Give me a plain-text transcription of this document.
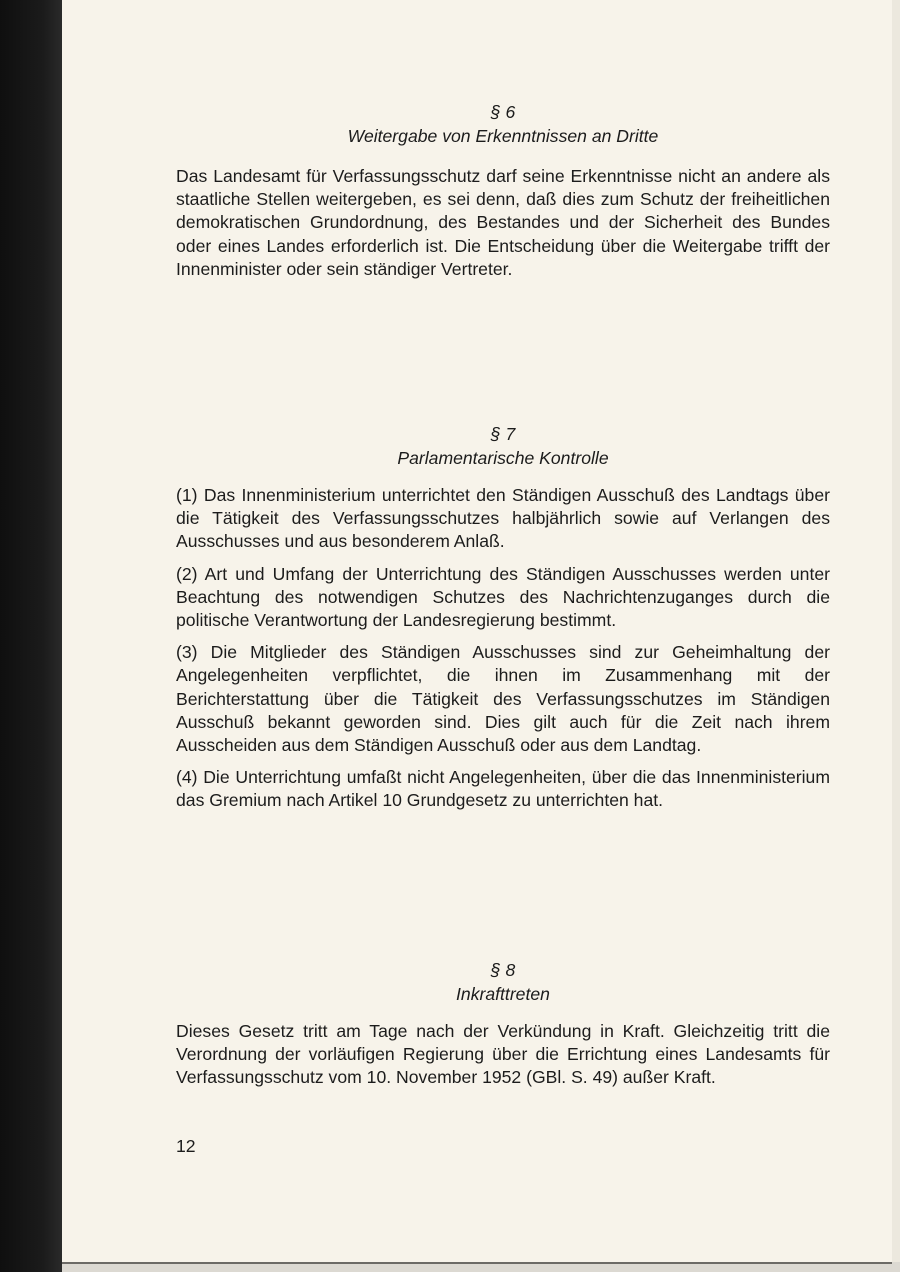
§ 6
Weitergabe von Erkenntnissen an Dritte

Das Landesamt für Verfassungsschutz darf seine Erkenntnisse nicht an andere als staatliche Stellen weitergeben, es sei denn, daß dies zum Schutz der freiheitlichen demokratischen Grundordnung, des Bestandes und der Sicherheit des Bundes oder eines Landes erforderlich ist. Die Entscheidung über die Weitergabe trifft der Innenminister oder sein ständiger Vertreter.

§ 7
Parlamentarische Kontrolle

(1) Das Innenministerium unterrichtet den Ständigen Ausschuß des Landtags über die Tätigkeit des Verfassungsschutzes halbjährlich sowie auf Verlangen des Ausschusses und aus besonderem Anlaß.

(2) Art und Umfang der Unterrichtung des Ständigen Ausschusses werden unter Beachtung des notwendigen Schutzes des Nachrichtenzuganges durch die politische Verantwortung der Landesregierung bestimmt.

(3) Die Mitglieder des Ständigen Ausschusses sind zur Geheimhaltung der Angelegenheiten verpflichtet, die ihnen im Zusammenhang mit der Berichterstattung über die Tätigkeit des Verfassungsschutzes im Ständigen Ausschuß bekannt geworden sind. Dies gilt auch für die Zeit nach ihrem Ausscheiden aus dem Ständigen Ausschuß oder aus dem Landtag.

(4) Die Unterrichtung umfaßt nicht Angelegenheiten, über die das Innenministerium das Gremium nach Artikel 10 Grundgesetz zu unterrichten hat.

§ 8
Inkrafttreten

Dieses Gesetz tritt am Tage nach der Verkündung in Kraft. Gleichzeitig tritt die Verordnung der vorläufigen Regierung über die Errichtung eines Landesamts für Verfassungsschutz vom 10. November 1952 (GBl. S. 49) außer Kraft.

12
